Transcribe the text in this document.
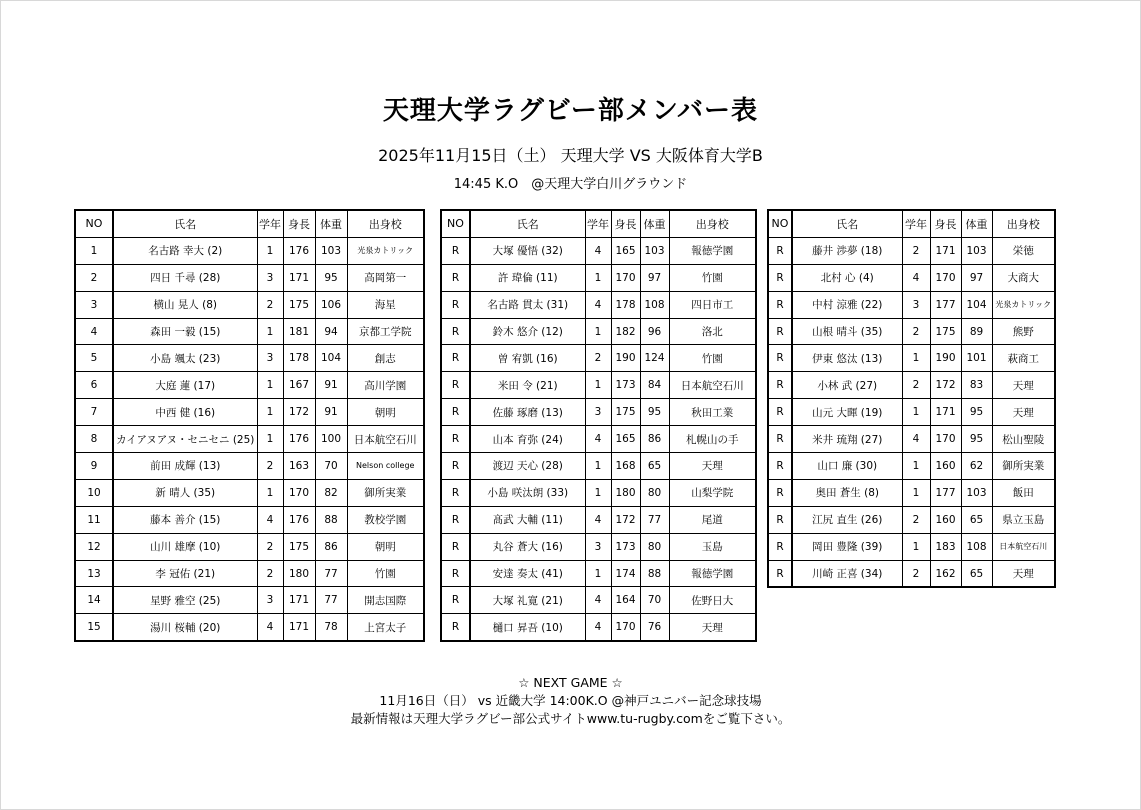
天理大学ラグビー部メンバー表
2025年11月15日（土） 天理大学 VS 大阪体育大学B
14:45 K.O　@天理大学白川グラウンド
NO	氏名	学年	身長	体重	出身校
1	名古路 幸大 (2)	1	176	103	光泉カトリック
2	四日 千尋 (28)	3	171	95	高岡第一
3	横山 晃人 (8)	2	175	106	海星
4	森田 一毅 (15)	1	181	94	京都工学院
5	小島 颯太 (23)	3	178	104	創志
6	大庭 蓮 (17)	1	167	91	高川学園
7	中西 健 (16)	1	172	91	朝明
8	カイアヌアヌ・セニセニ (25)	1	176	100	日本航空石川
9	前田 成輝 (13)	2	163	70	Nelson college
10	新 晴人 (35)	1	170	82	御所実業
11	藤本 善介 (15)	4	176	88	教校学園
12	山川 雄摩 (10)	2	175	86	朝明
13	李 冠佑 (21)	2	180	77	竹園
14	星野 雅空 (25)	3	171	77	開志国際
15	湯川 桜輔 (20)	4	171	78	上宮太子
NO	氏名	学年	身長	体重	出身校
R	大塚 優悟 (32)	4	165	103	報徳学園
R	許 瑋倫 (11)	1	170	97	竹園
R	名古路 貫太 (31)	4	178	108	四日市工
R	鈴木 悠介 (12)	1	182	96	洛北
R	曽 宥凱 (16)	2	190	124	竹園
R	米田 令 (21)	1	173	84	日本航空石川
R	佐藤 琢磨 (13)	3	175	95	秋田工業
R	山本 育弥 (24)	4	165	86	札幌山の手
R	渡辺 天心 (28)	1	168	65	天理
R	小島 咲汰朗 (33)	1	180	80	山梨学院
R	髙武 大輔 (11)	4	172	77	尾道
R	丸谷 蒼大 (16)	3	173	80	玉島
R	安達 奏太 (41)	1	174	88	報徳学園
R	大塚 礼寛 (21)	4	164	70	佐野日大
R	樋口 昇吾 (10)	4	170	76	天理
NO	氏名	学年	身長	体重	出身校
R	藤井 渉夢 (18)	2	171	103	栄徳
R	北村 心 (4)	4	170	97	大商大
R	中村 涼雅 (22)	3	177	104	光泉カトリック
R	山根 晴斗 (35)	2	175	89	熊野
R	伊東 悠汰 (13)	1	190	101	萩商工
R	小林 武 (27)	2	172	83	天理
R	山元 大暉 (19)	1	171	95	天理
R	米井 琉翔 (27)	4	170	95	松山聖陵
R	山口 廉 (30)	1	160	62	御所実業
R	奥田 蒼生 (8)	1	177	103	飯田
R	江尻 直生 (26)	2	160	65	県立玉島
R	岡田 豊隆 (39)	1	183	108	日本航空石川
R	川崎 正喜 (34)	2	162	65	天理
☆ NEXT GAME ☆
11月16日（日） vs 近畿大学 14:00K.O @神戸ユニバー記念球技場
最新情報は天理大学ラグビー部公式サイトwww.tu-rugby.comをご覧下さい。
